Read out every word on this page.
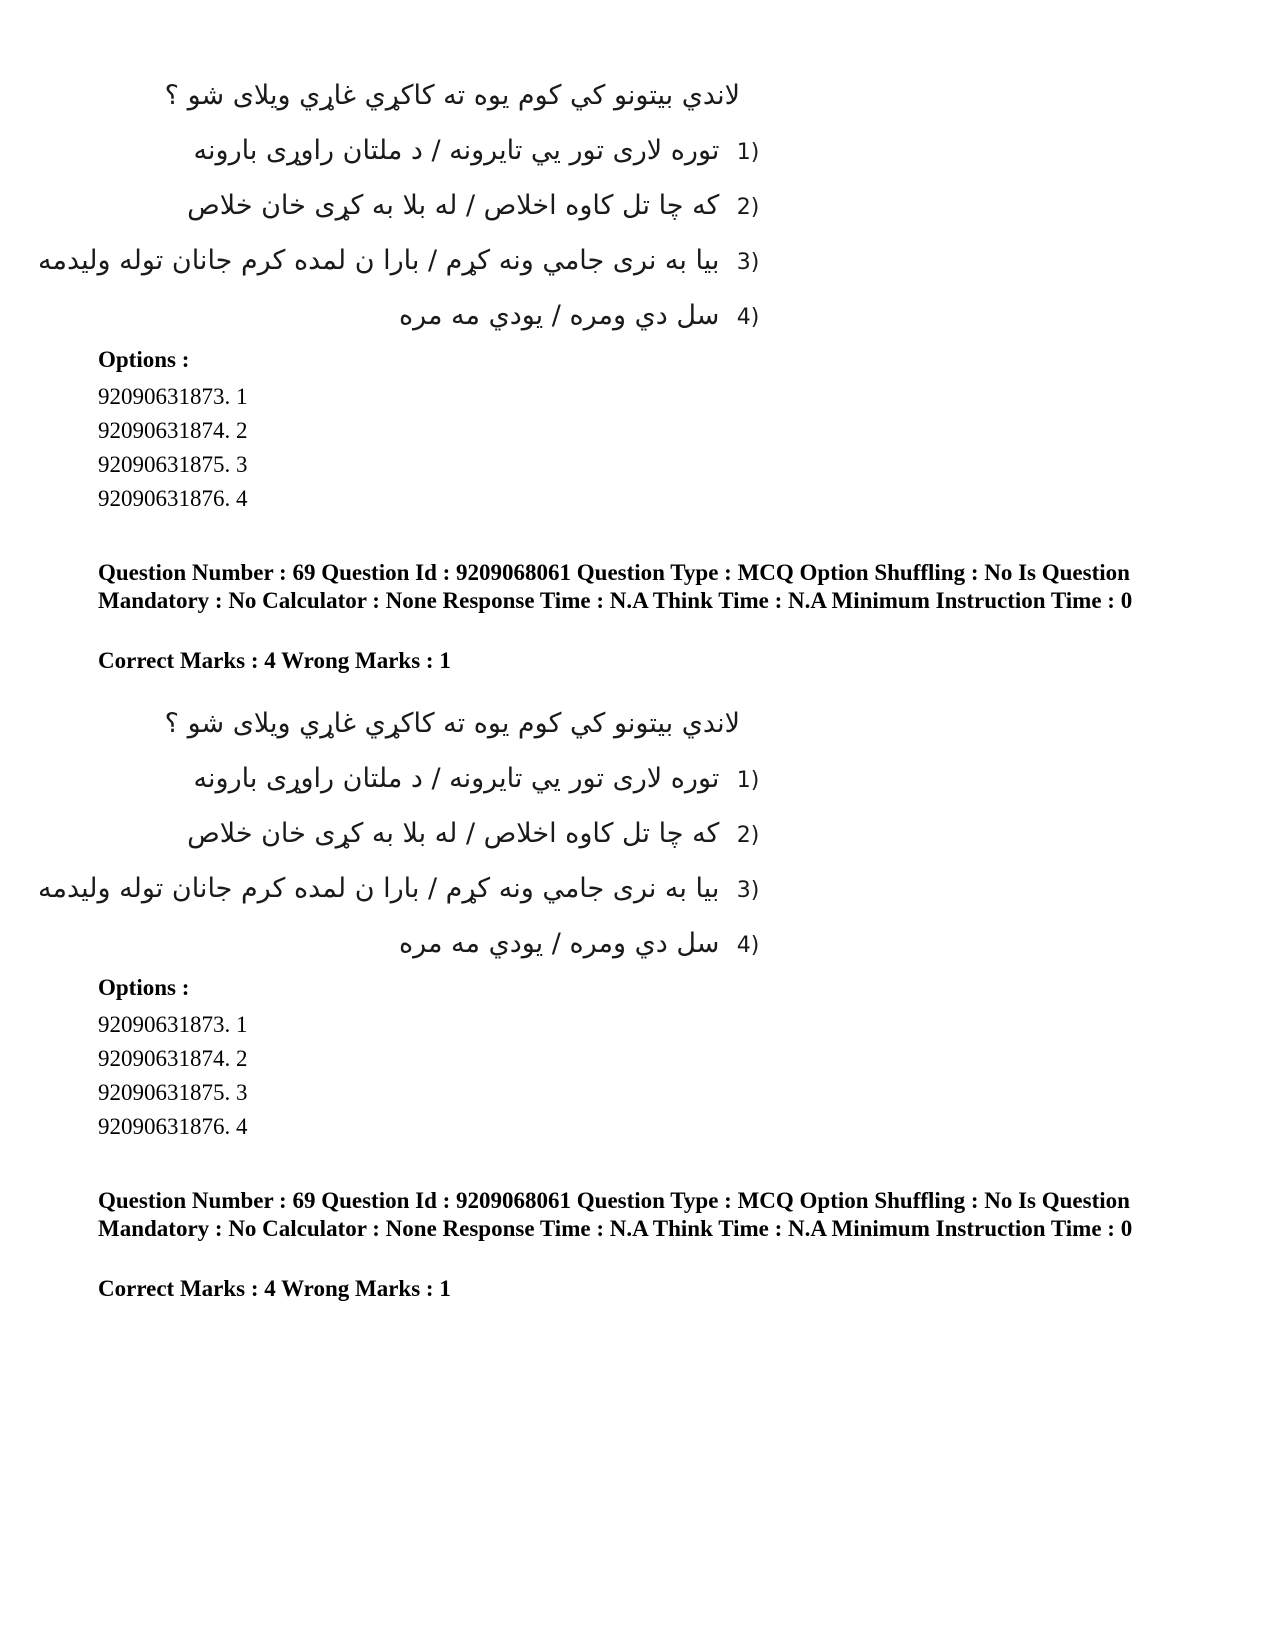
لاندي بيتونو کي کوم يوه ته کاکړي غاړي ويلای شو ؟
1) توره لاری تور يي تايرونه / د ملتان راوړی بارونه
2) که چا تل کاوه اخلاص / له بلا به کړی خان خلاص
3) بيا به نری جامي ونه کړم / بارا ن لمده کرم جانان توله وليدمه
4) سل دي ومره / يودي مه مره
Options :
92090631873. 1
92090631874. 2
92090631875. 3
92090631876. 4
Question Number : 69 Question Id : 9209068061 Question Type : MCQ Option Shuffling : No Is Question Mandatory : No Calculator : None Response Time : N.A Think Time : N.A Minimum Instruction Time : 0
Correct Marks : 4 Wrong Marks : 1
لاندي بيتونو کي کوم يوه ته کاکړي غاړي ويلای شو ؟
1) توره لاری تور يي تايرونه / د ملتان راوړی بارونه
2) که چا تل کاوه اخلاص / له بلا به کړی خان خلاص
3) بيا به نری جامي ونه کړم / بارا ن لمده کرم جانان توله وليدمه
4) سل دي ومره / يودي مه مره
Options :
92090631873. 1
92090631874. 2
92090631875. 3
92090631876. 4
Question Number : 69 Question Id : 9209068061 Question Type : MCQ Option Shuffling : No Is Question Mandatory : No Calculator : None Response Time : N.A Think Time : N.A Minimum Instruction Time : 0
Correct Marks : 4 Wrong Marks : 1
